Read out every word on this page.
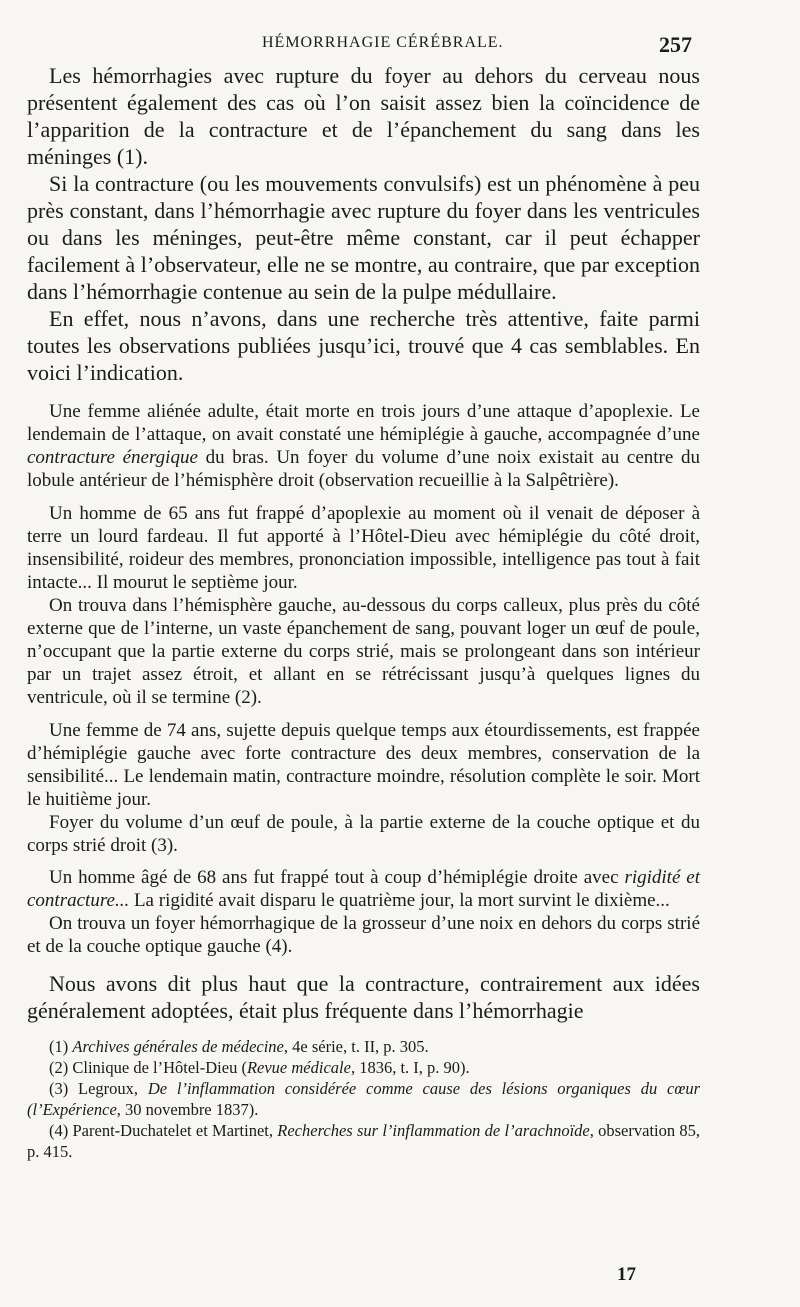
HÉMORRHAGIE CÉRÉBRALE.	257

Les hémorrhagies avec rupture du foyer au dehors du cerveau nous présentent également des cas où l’on saisit assez bien la coïncidence de l’apparition de la contracture et de l’épanchement du sang dans les méninges (1).

Si la contracture (ou les mouvements convulsifs) est un phénomène à peu près constant, dans l’hémorrhagie avec rupture du foyer dans les ventricules ou dans les méninges, peut-être même constant, car il peut échapper facilement à l’observateur, elle ne se montre, au contraire, que par exception dans l’hémorrhagie contenue au sein de la pulpe médullaire.

En effet, nous n’avons, dans une recherche très attentive, faite parmi toutes les observations publiées jusqu’ici, trouvé que 4 cas semblables. En voici l’indication.

Une femme aliénée adulte, était morte en trois jours d’une attaque d’apoplexie. Le lendemain de l’attaque, on avait constaté une hémiplégie à gauche, accompagnée d’une contracture énergique du bras. Un foyer du volume d’une noix existait au centre du lobule antérieur de l’hémisphère droit (observation recueillie à la Salpêtrière).

Un homme de 65 ans fut frappé d’apoplexie au moment où il venait de déposer à terre un lourd fardeau. Il fut apporté à l’Hôtel-Dieu avec hémiplégie du côté droit, insensibilité, roideur des membres, prononciation impossible, intelligence pas tout à fait intacte... Il mourut le septième jour.

On trouva dans l’hémisphère gauche, au-dessous du corps calleux, plus près du côté externe que de l’interne, un vaste épanchement de sang, pouvant loger un œuf de poule, n’occupant que la partie externe du corps strié, mais se prolongeant dans son intérieur par un trajet assez étroit, et allant en se rétrécissant jusqu’à quelques lignes du ventricule, où il se termine (2).

Une femme de 74 ans, sujette depuis quelque temps aux étourdissements, est frappée d’hémiplégie gauche avec forte contracture des deux membres, conservation de la sensibilité... Le lendemain matin, contracture moindre, résolution complète le soir. Mort le huitième jour.

Foyer du volume d’un œuf de poule, à la partie externe de la couche optique et du corps strié droit (3).

Un homme âgé de 68 ans fut frappé tout à coup d’hémiplégie droite avec rigidité et contracture... La rigidité avait disparu le quatrième jour, la mort survint le dixième...

On trouva un foyer hémorrhagique de la grosseur d’une noix en dehors du corps strié et de la couche optique gauche (4).

Nous avons dit plus haut que la contracture, contrairement aux idées généralement adoptées, était plus fréquente dans l’hémorrhagie

(1) Archives générales de médecine, 4e série, t. II, p. 305.

(2) Clinique de l’Hôtel-Dieu (Revue médicale, 1836, t. I, p. 90).

(3) Legroux, De l’inflammation considérée comme cause des lésions organiques du cœur (l’Expérience, 30 novembre 1837).

(4) Parent-Duchatelet et Martinet, Recherches sur l’inflammation de l’arachnoïde, observation 85, p. 415.

17
